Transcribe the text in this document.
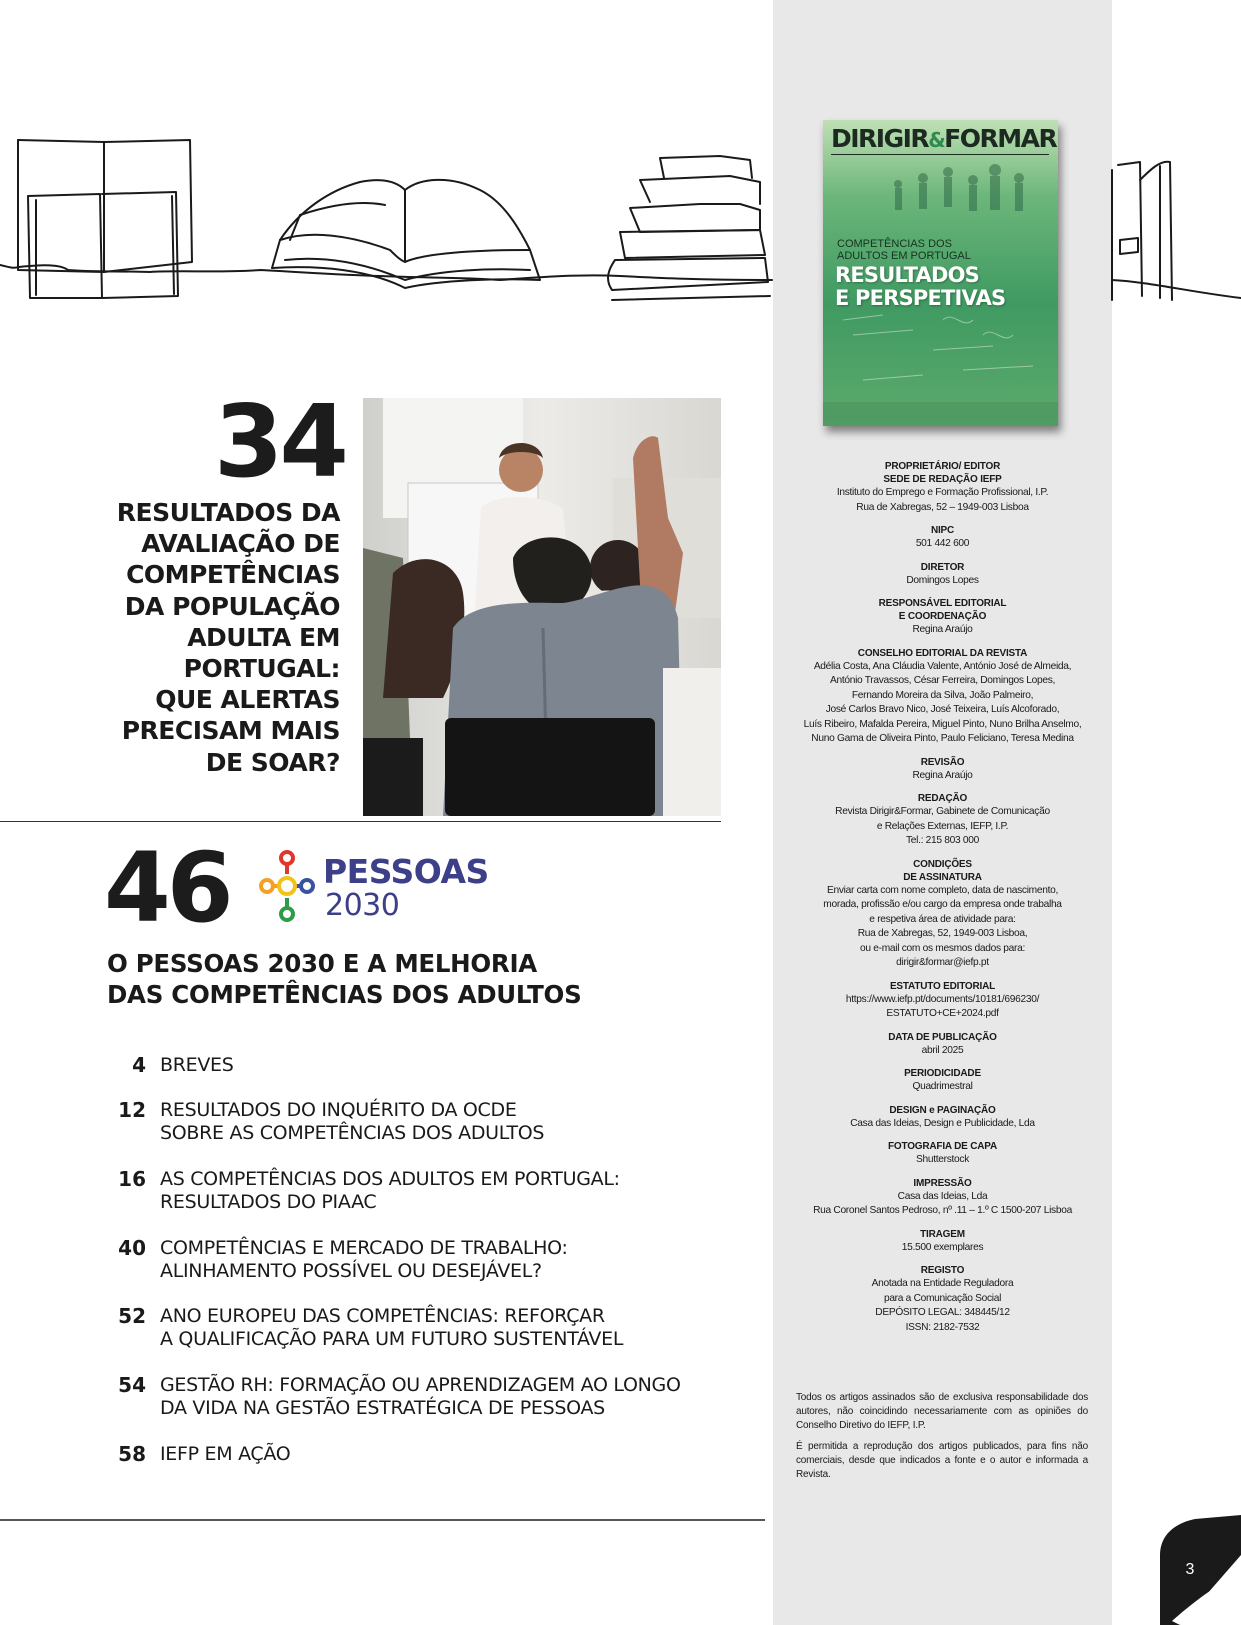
34
RESULTADOS DA
AVALIAÇÃO DE
COMPETÊNCIAS
DA POPULAÇÃO
ADULTA EM
PORTUGAL:
QUE ALERTAS
PRECISAM MAIS
DE SOAR?
46	PESSOAS
2030
O PESSOAS 2030 E A MELHORIA
DAS COMPETÊNCIAS DOS ADULTOS
4 BREVES
12 RESULTADOS DO INQUÉRITO DA OCDE
SOBRE AS COMPETÊNCIAS DOS ADULTOS
16 AS COMPETÊNCIAS DOS ADULTOS EM PORTUGAL:
RESULTADOS DO PIAAC
40 COMPETÊNCIAS E MERCADO DE TRABALHO:
ALINHAMENTO POSSÍVEL OU DESEJÁVEL?
52 ANO EUROPEU DAS COMPETÊNCIAS: REFORÇAR
A QUALIFICAÇÃO PARA UM FUTURO SUSTENTÁVEL
54 GESTÃO RH: FORMAÇÃO OU APRENDIZAGEM AO LONGO
DA VIDA NA GESTÃO ESTRATÉGICA DE PESSOAS
58 IEFP EM AÇÃO
DIRIGIR&FORMAR
COMPETÊNCIAS DOS
ADULTOS EM PORTUGAL
RESULTADOS
E PERSPETIVAS
PROPRIETÁRIO/ EDITOR
SEDE DE REDAÇÃO IEFP
Instituto do Emprego e Formação Profissional, I.P.
Rua de Xabregas, 52 – 1949-003 Lisboa
NIPC
501 442 600
DIRETOR
Domingos Lopes
RESPONSÁVEL EDITORIAL
E COORDENAÇÃO
Regina Araújo
CONSELHO EDITORIAL DA REVISTA
Adélia Costa, Ana Cláudia Valente, António José de Almeida,
António Travassos, César Ferreira, Domingos Lopes,
Fernando Moreira da Silva, João Palmeiro,
José Carlos Bravo Nico, José Teixeira, Luís Alcoforado,
Luís Ribeiro, Mafalda Pereira, Miguel Pinto, Nuno Brilha Anselmo,
Nuno Gama de Oliveira Pinto, Paulo Feliciano, Teresa Medina
REVISÃO
Regina Araújo
REDAÇÃO
Revista Dirigir&Formar, Gabinete de Comunicação
e Relações Externas, IEFP, I.P.
Tel.: 215 803 000
CONDIÇÕES
DE ASSINATURA
Enviar carta com nome completo, data de nascimento,
morada, profissão e/ou cargo da empresa onde trabalha
e respetiva área de atividade para:
Rua de Xabregas, 52, 1949-003 Lisboa,
ou e-mail com os mesmos dados para:
dirigir&formar@iefp.pt
ESTATUTO EDITORIAL
https://www.iefp.pt/documents/10181/696230/
ESTATUTO+CE+2024.pdf
DATA DE PUBLICAÇÃO
abril 2025
PERIODICIDADE
Quadrimestral
DESIGN e PAGINAÇÃO
Casa das Ideias, Design e Publicidade, Lda
FOTOGRAFIA DE CAPA
Shutterstock
IMPRESSÃO
Casa das Ideias, Lda
Rua Coronel Santos Pedroso, nº .11 – 1.º C 1500-207 Lisboa
TIRAGEM
15.500 exemplares
REGISTO
Anotada na Entidade Reguladora
para a Comunicação Social
DEPÓSITO LEGAL: 348445/12
ISSN: 2182-7532

Todos os artigos assinados são de exclusiva responsabilidade dos autores, não coincidindo necessariamente com as opiniões do Conselho Diretivo do IEFP, I.P.

É permitida a reprodução dos artigos publicados, para fins não comerciais, desde que indicados a fonte e o autor e informada a Revista.

3
